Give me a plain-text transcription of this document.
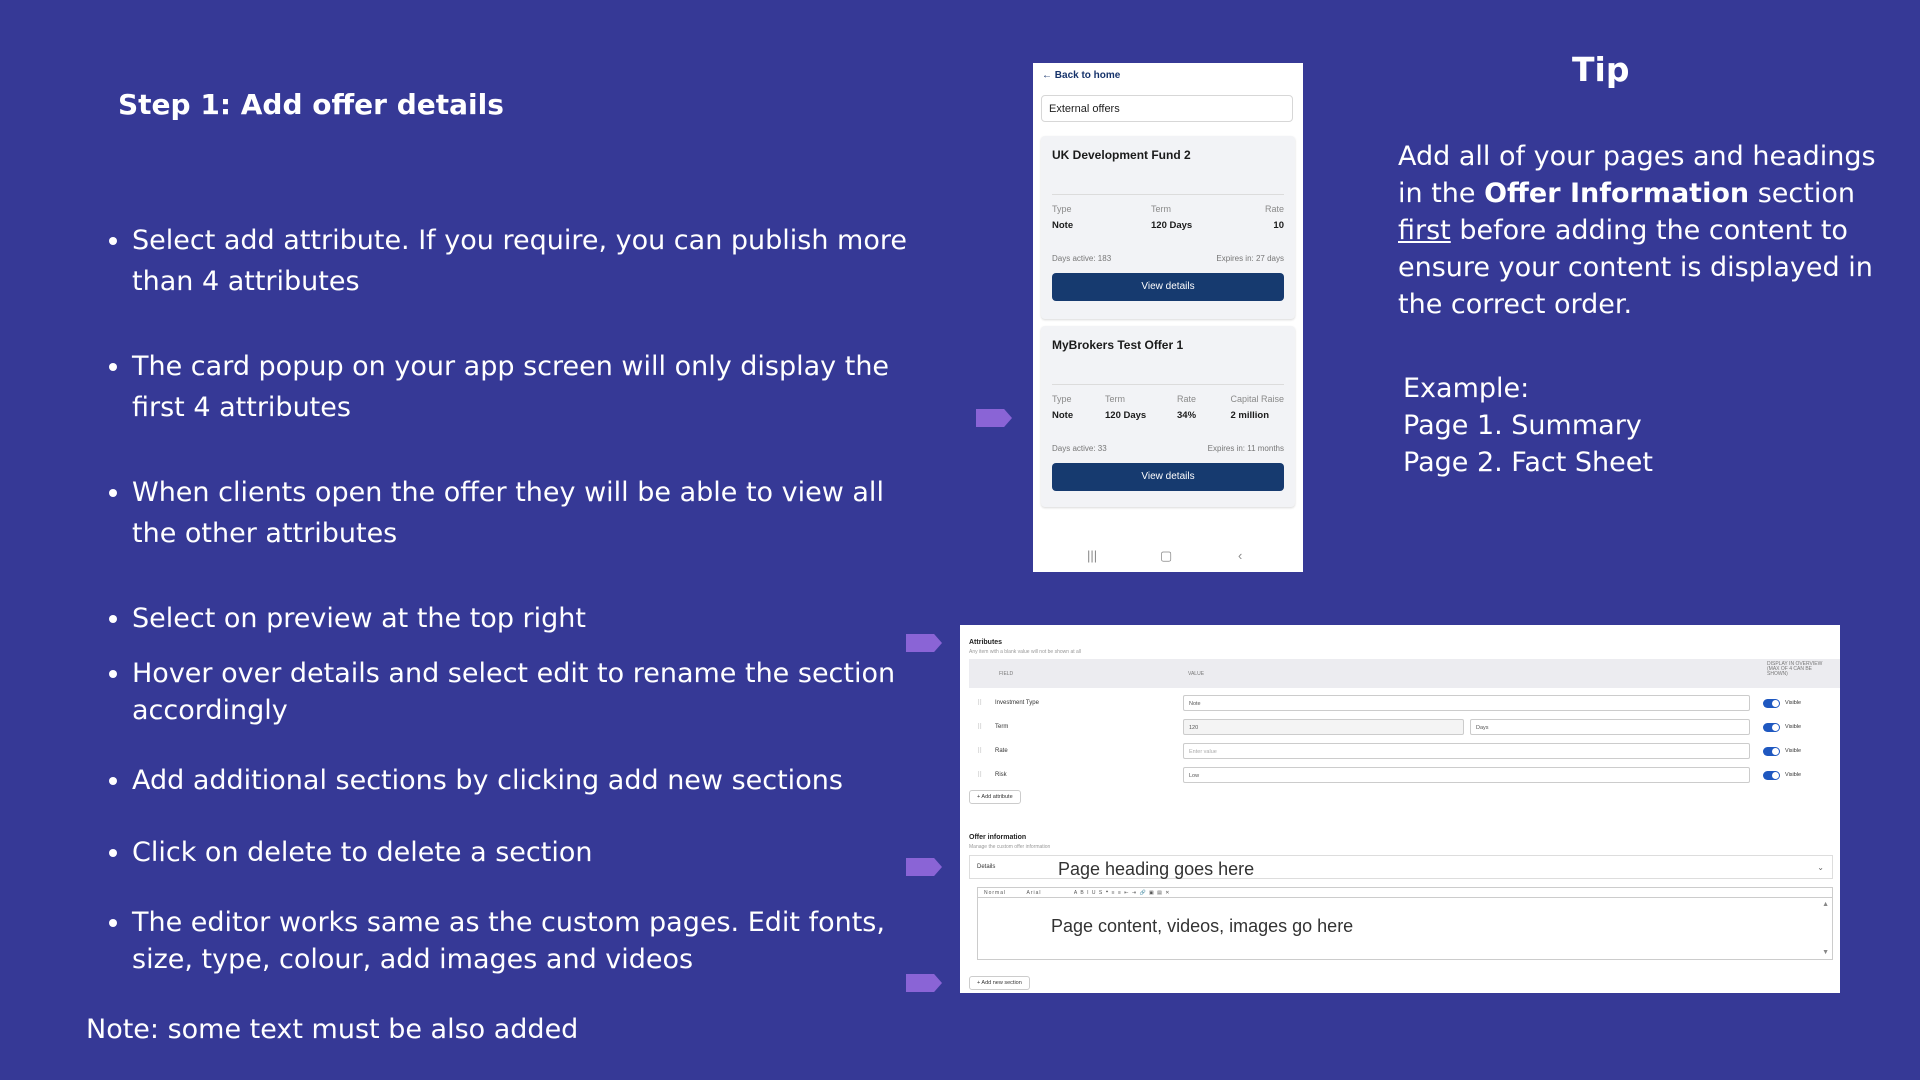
Step 1: Add offer details
• Select add attribute. If you require, you can publish more than 4 attributes
• The card popup on your app screen will only display the first 4 attributes
• When clients open the offer they will be able to view all the other attributes
• Select on preview at the top right
• Hover over details and select edit to rename the section accordingly
• Add additional sections by clicking add new sections
• Click on delete to delete a section
• The editor works same as the custom pages. Edit fonts, size, type, colour, add images and videos
Note: some text must be also added
← Back to home
External offers
UK Development Fund 2
Type
Note
Term
120 Days
Rate
10
Days active: 183	Expires in: 27 days
View details
MyBrokers Test Offer 1
Type
Note
Term
120 Days
Rate
34%
Capital Raise
2 million
Days active: 33	Expires in: 11 months
View details
|||	▢	‹
Tip
Add all of your pages and headings in the Offer Information section first before adding the content to ensure your content is displayed in the correct order.
Example:
Page 1. Summary
Page 2. Fact Sheet
Attributes
Any item with a blank value will not be shown at all
FIELD	VALUE
DISPLAY IN OVERVIEW (MAX OF 4 CAN BE SHOWN)
⠿ Investment Type	Note	Visible
⠿ Term	120	Days	Visible
⠿ Rate	Enter value	Visible
⠿ Risk	Low	Visible
+ Add attribute
Offer information
Manage the custom offer information
Details	Page heading goes here	⌄
Normal	Arial	A B I U S ❝ ≡ ≡ ⇤ ⇥ 🔗 ▣ ▤ ✕
Page content, videos, images go here
▲
▼
+ Add new section
